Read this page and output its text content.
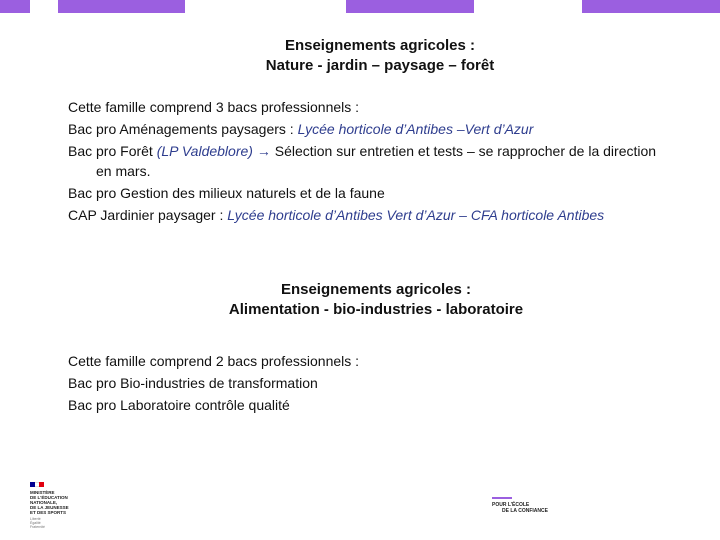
Enseignements agricoles :
Nature - jardin – paysage – forêt

Cette famille comprend 3 bacs professionnels :

Bac pro Aménagements paysagers : Lycée horticole d’Antibes –Vert d’Azur

Bac pro Forêt (LP Valdeblore) → Sélection sur entretien et tests – se rapprocher de la direction en mars.

Bac pro Gestion des milieux naturels et de la faune

CAP Jardinier paysager : Lycée horticole d’Antibes Vert d’Azur – CFA horticole Antibes

Enseignements agricoles :
Alimentation - bio-industries - laboratoire

Cette famille comprend 2 bacs professionnels :

Bac pro Bio-industries de transformation

Bac pro Laboratoire contrôle qualité

MINISTÈRE
DE L'ÉDUCATION
NATIONALE,
DE LA JEUNESSE
ET DES SPORTS
Liberté
Égalité
Fraternité
POUR L’ÉCOLE
DE LA CONFIANCE
